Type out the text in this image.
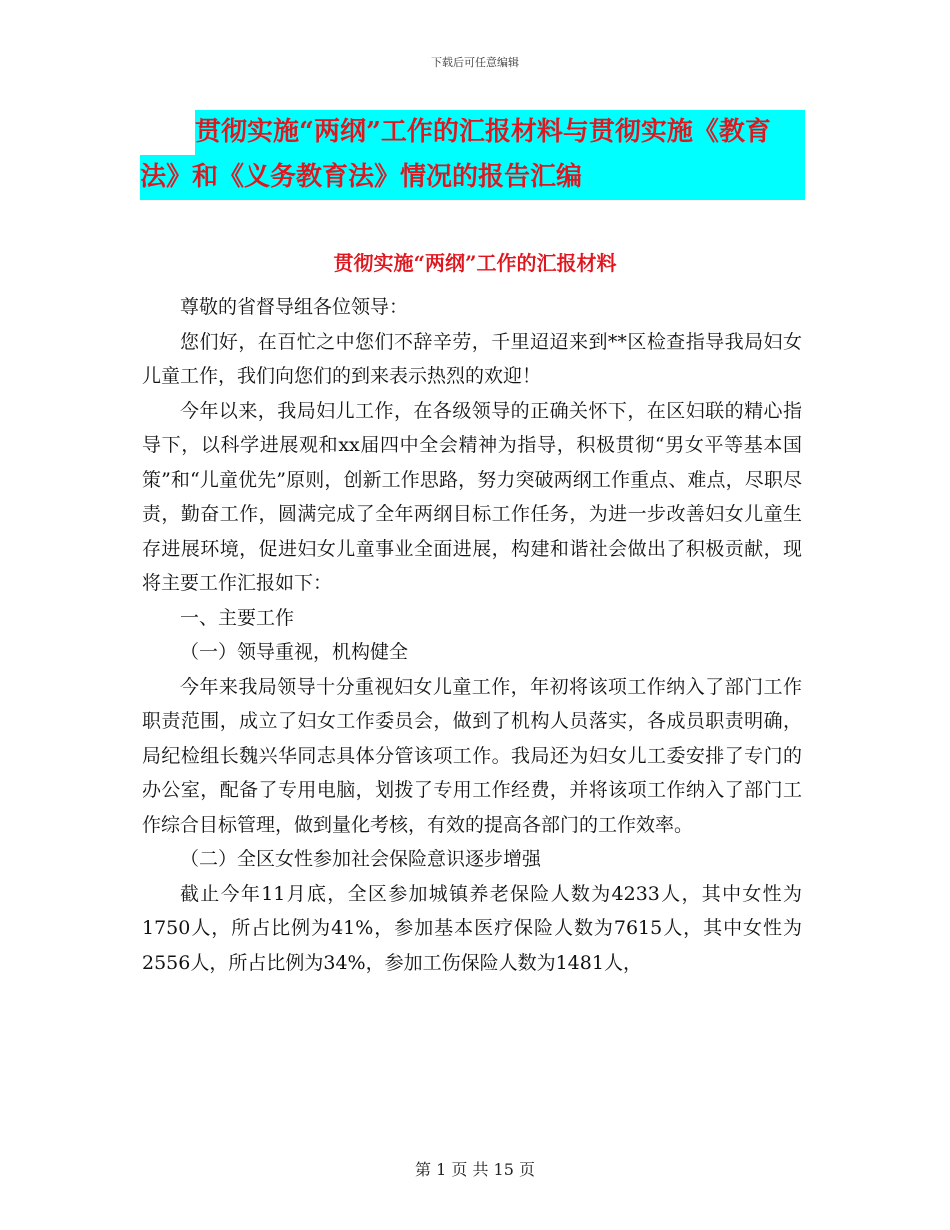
下载后可任意编辑
贯彻实施“两纲”工作的汇报材料与贯彻实施《教育
法》和《义务教育法》情况的报告汇编
贯彻实施“两纲”工作的汇报材料

尊敬的省督导组各位领导：

您们好，在百忙之中您们不辞辛劳，千里迢迢来到**区检查指导我局妇女儿童工作，我们向您们的到来表示热烈的欢迎！

今年以来，我局妇儿工作，在各级领导的正确关怀下，在区妇联的精心指导下，以科学进展观和xx届四中全会精神为指导，积极贯彻“男女平等基本国策”和“儿童优先”原则，创新工作思路，努力突破两纲工作重点、难点，尽职尽责，勤奋工作，圆满完成了全年两纲目标工作任务，为进一步改善妇女儿童生存进展环境，促进妇女儿童事业全面进展，构建和谐社会做出了积极贡献，现将主要工作汇报如下：

一、主要工作

（一）领导重视，机构健全

今年来我局领导十分重视妇女儿童工作，年初将该项工作纳入了部门工作职责范围，成立了妇女工作委员会，做到了机构人员落实，各成员职责明确，局纪检组长魏兴华同志具体分管该项工作。我局还为妇女儿工委安排了专门的办公室，配备了专用电脑，划拨了专用工作经费，并将该项工作纳入了部门工作综合目标管理，做到量化考核，有效的提高各部门的工作效率。

（二）全区女性参加社会保险意识逐步增强

截止今年11月底，全区参加城镇养老保险人数为4233人，其中女性为1750人，所占比例为41%，参加基本医疗保险人数为7615人，其中女性为2556人，所占比例为34%，参加工伤保险人数为1481人，

第 1 页 共 15 页
